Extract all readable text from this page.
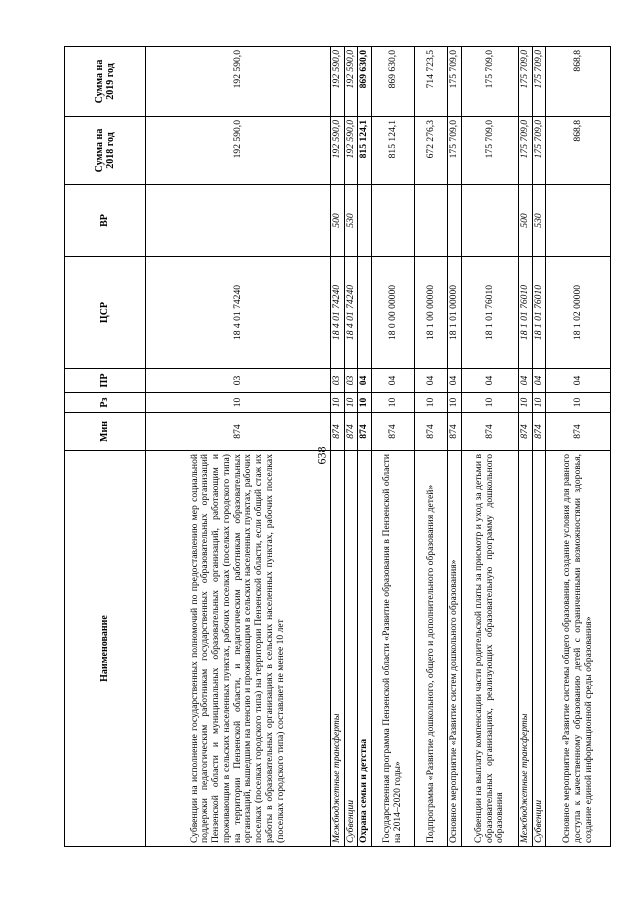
638
Наименование	Мин	Рз	ПР	ЦСР	ВР	Сумма на 2018 год	Сумма на 2019 год
Субвенции на исполнение государственных полномочий по предоставлению мер социальной поддержки педагогическим работникам государственных образовательных организаций Пензенской области и муниципальных образовательных организаций, работающим и проживающим в сельских населенных пунктах, рабочих поселках (поселках городского типа) на территории Пензенской области, и педагогическим работникам образовательных организаций, вышедшим на пенсию и проживающим в сельских населенных пунктах, рабочих поселках (поселках городского типа) на территории Пензенской области, если общий стаж их работы в образовательных организациях в сельских населенных пунктах, рабочих поселках (поселках городского типа) составляет не менее 10 лет	874	10	03	18 4 01 74240		192 590,0	192 590,0
Межбюджетные трансферты	874	10	03	18 4 01 74240	500	192 590,0	192 590,0
Субвенции	874	10	03	18 4 01 74240	530	192 590,0	192 590,0
Охрана семьи и детства	874	10	04			815 124,1	869 630,0
Государственная программа Пензенской области «Развитие образования в Пензенской области на 2014–2020 годы»	874	10	04	18 0 00 00000		815 124,1	869 630,0
Подпрограмма «Развитие дошкольного, общего и дополнительного образования детей»	874	10	04	18 1 00 00000		672 276,3	714 723,5
Основное мероприятие «Развитие систем дошкольного образования»	874	10	04	18 1 01 00000		175 709,0	175 709,0
Субвенции на выплату компенсации части родительской платы за присмотр и уход за детьми в образовательных организациях, реализующих образовательную программу дошкольного образования	874	10	04	18 1 01 76010		175 709,0	175 709,0
Межбюджетные трансферты	874	10	04	18 1 01 76010	500	175 709,0	175 709,0
Субвенции	874	10	04	18 1 01 76010	530	175 709,0	175 709,0
Основное мероприятие «Развитие системы общего образования, создание условия для равного доступа к качественному образованию детей с ограниченными возможностями здоровья, создание единой информационной среды образования»	874	10	04	18 1 02 00000		868,8	868,8
